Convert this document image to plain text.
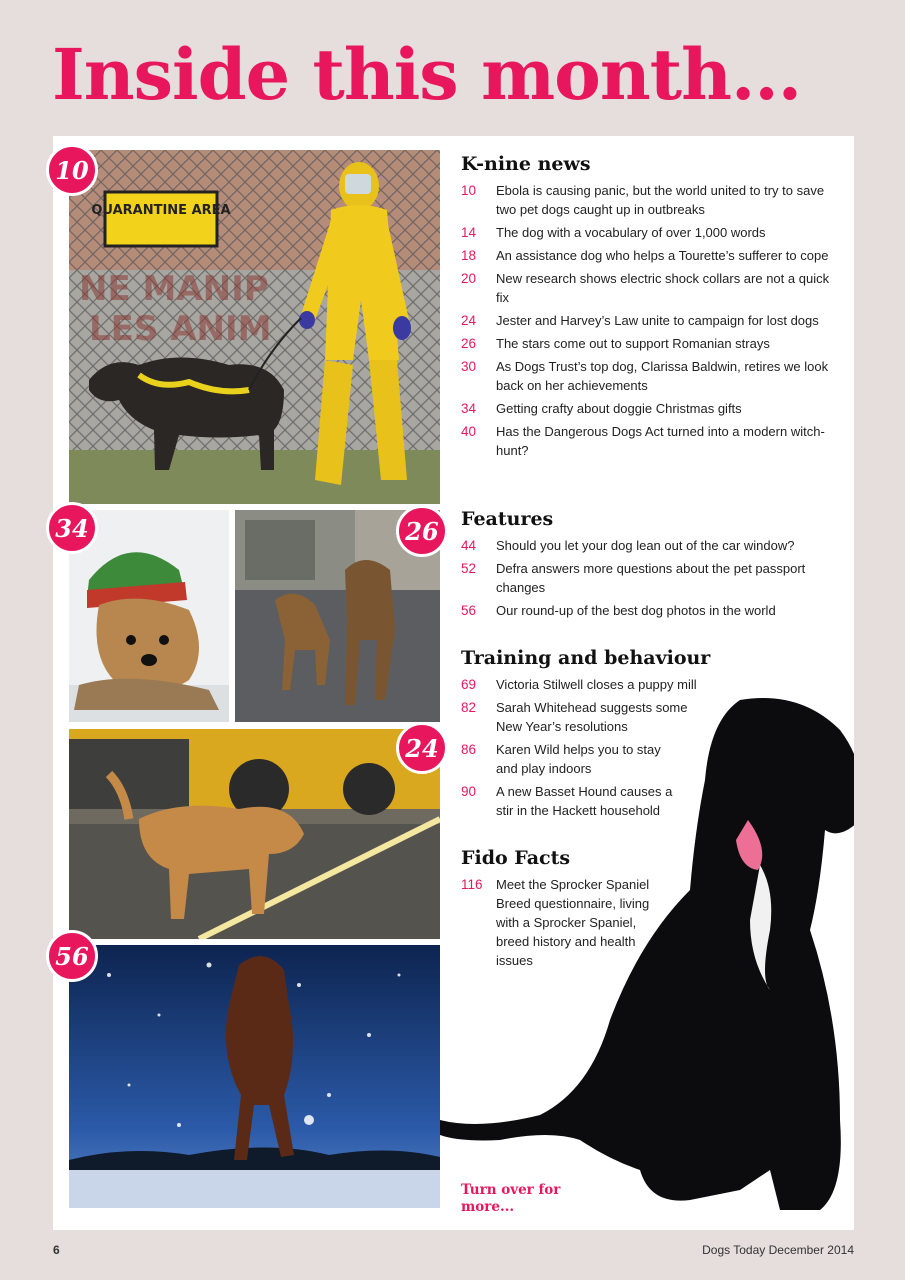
Inside this month...
NE MANIP
LES ANIM
QUARANTINE AREA
10
34	26
24
56
K-nine news
10	Ebola is causing panic, but the world united to try to save two pet dogs caught up in outbreaks
14	The dog with a vocabulary of over 1,000 words
18	An assistance dog who helps a Tourette’s sufferer to cope
20	New research shows electric shock collars are not a quick fix
24	Jester and Harvey’s Law unite to campaign for lost dogs
26	The stars come out to support Romanian strays
30	As Dogs Trust’s top dog, Clarissa Baldwin, retires we look back on her achievements
34	Getting crafty about doggie Christmas gifts
40	Has the Dangerous Dogs Act turned into a modern witch-hunt?
Features
44	Should you let your dog lean out of the car window?
52	Defra answers more questions about the pet passport changes
56	Our round-up of the best dog photos in the world
Training and behaviour
69	Victoria Stilwell closes a puppy mill
82	Sarah Whitehead suggests some New Year’s resolutions
86	Karen Wild helps you to stay and play indoors
90	A new Basset Hound causes a stir in the Hackett household
Fido Facts
116	Meet the Sprocker Spaniel Breed questionnaire, living with a Sprocker Spaniel, breed history and health issues
Turn over for more...
6	Dogs Today December 2014
